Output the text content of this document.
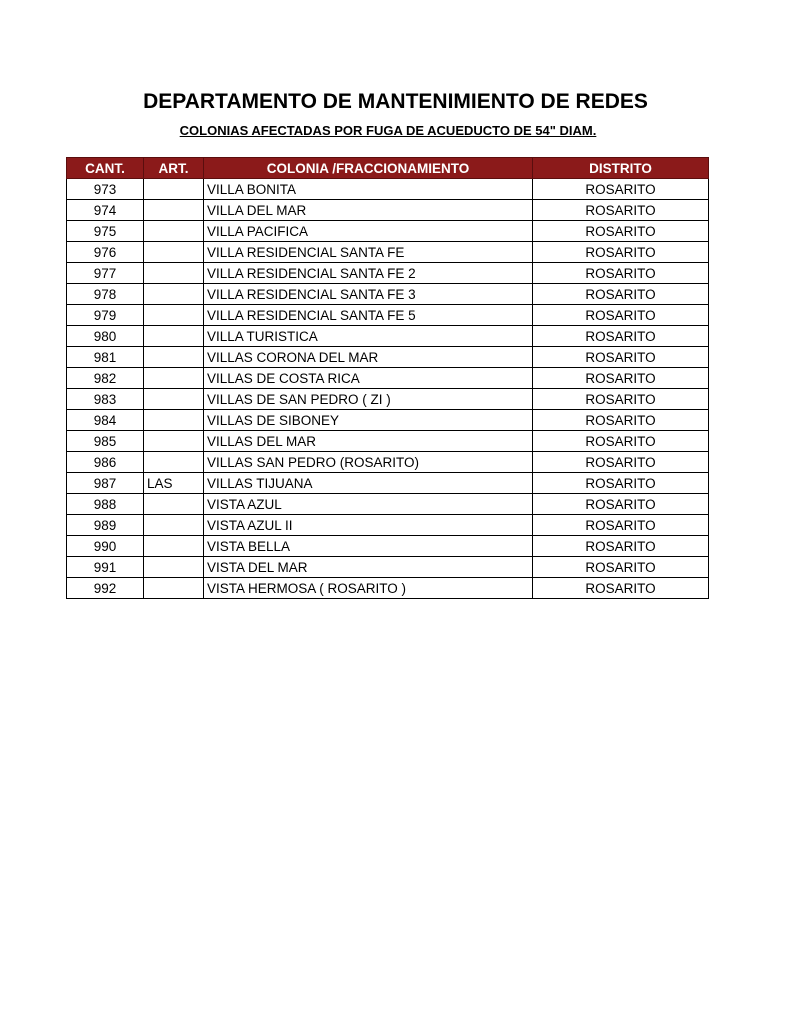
DEPARTAMENTO DE MANTENIMIENTO DE REDES
COLONIAS AFECTADAS POR FUGA DE ACUEDUCTO DE 54" DIAM.
CANT.	ART.	COLONIA /FRACCIONAMIENTO	DISTRITO
973		VILLA BONITA	ROSARITO
974		VILLA DEL MAR	ROSARITO
975		VILLA PACIFICA	ROSARITO
976		VILLA RESIDENCIAL SANTA FE	ROSARITO
977		VILLA RESIDENCIAL SANTA FE 2	ROSARITO
978		VILLA RESIDENCIAL SANTA FE 3	ROSARITO
979		VILLA RESIDENCIAL SANTA FE 5	ROSARITO
980		VILLA TURISTICA	ROSARITO
981		VILLAS CORONA DEL MAR	ROSARITO
982		VILLAS DE COSTA RICA	ROSARITO
983		VILLAS DE SAN PEDRO ( ZI )	ROSARITO
984		VILLAS DE SIBONEY	ROSARITO
985		VILLAS DEL MAR	ROSARITO
986		VILLAS SAN PEDRO (ROSARITO)	ROSARITO
987	LAS	VILLAS TIJUANA	ROSARITO
988		VISTA AZUL	ROSARITO
989		VISTA AZUL II	ROSARITO
990		VISTA BELLA	ROSARITO
991		VISTA DEL MAR	ROSARITO
992		VISTA HERMOSA ( ROSARITO )	ROSARITO
